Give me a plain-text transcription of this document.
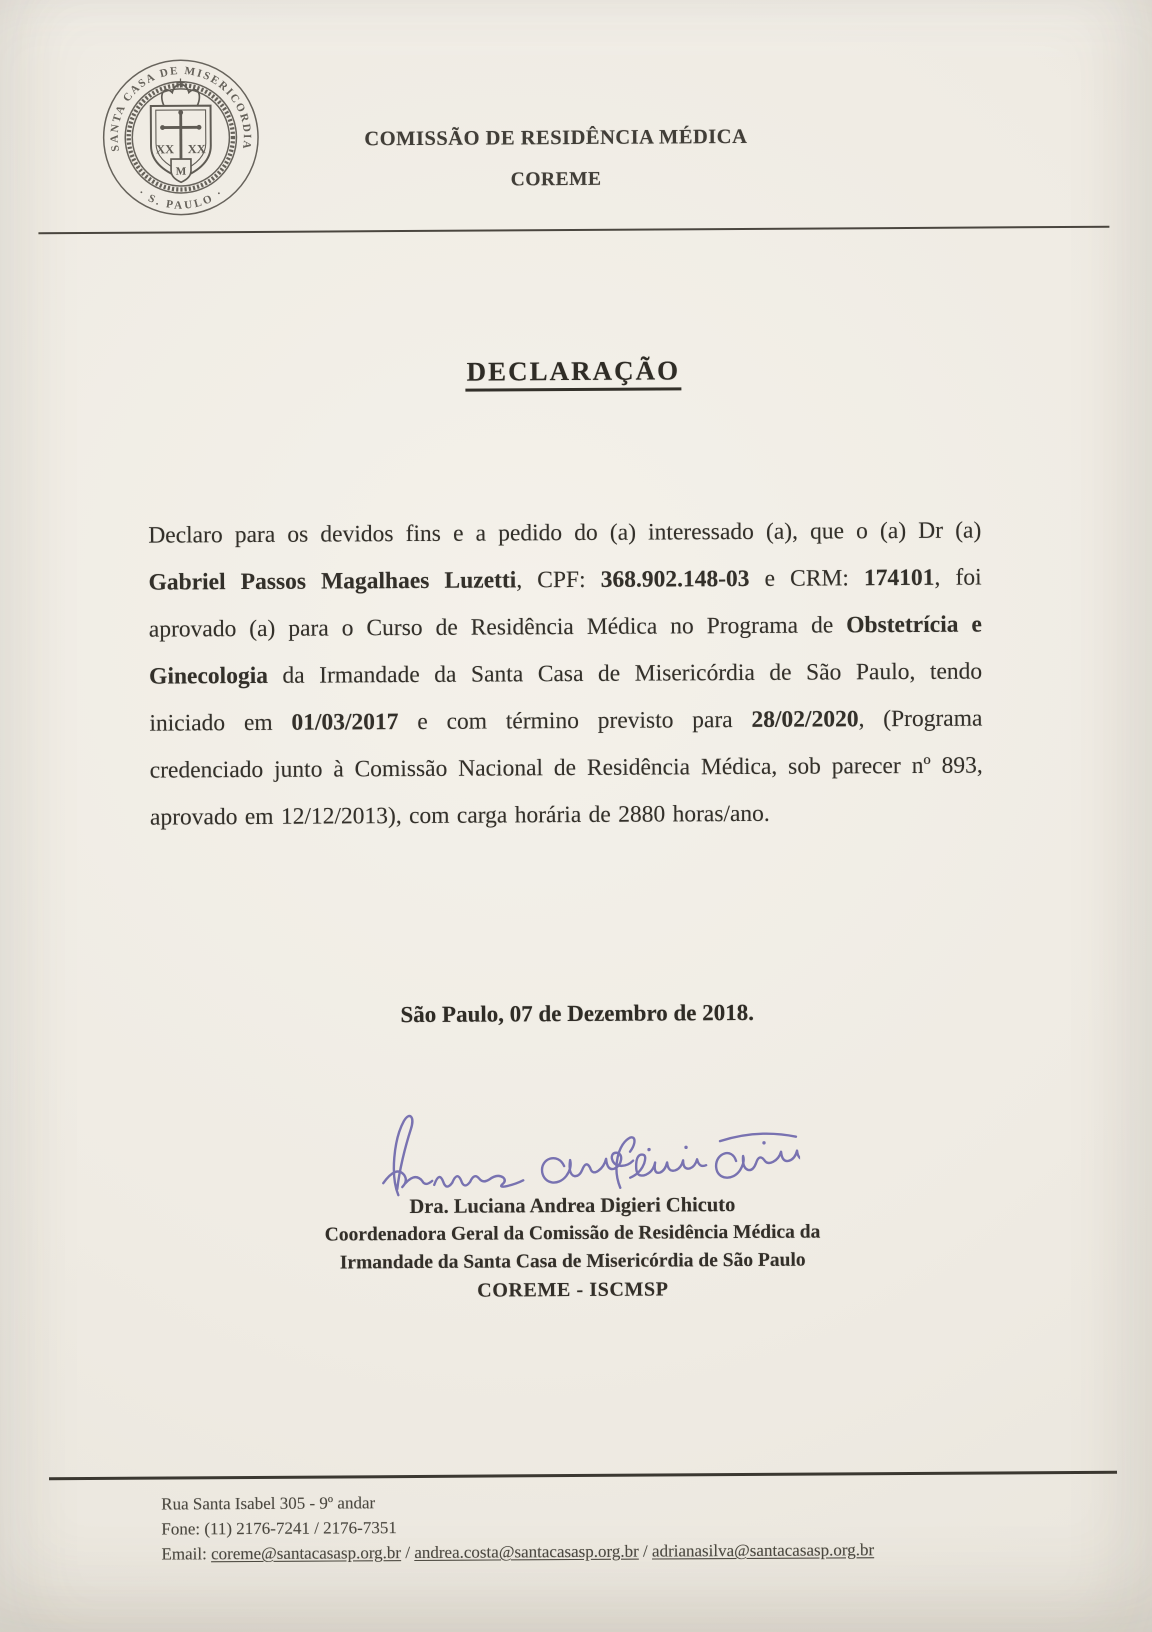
SANTA CASA DE MISERICORDIA
· S. PAULO ·
XX XX
M
COMISSÃO DE RESIDÊNCIA MÉDICA
COREME
DECLARAÇÃO

Declaro para os devidos fins e a pedido do (a) interessado (a), que o (a) Dr (a) Gabriel Passos Magalhaes Luzetti, CPF: 368.902.148-03 e CRM: 174101, foi aprovado (a) para o Curso de Residência Médica no Programa de Obstetrícia e Ginecologia da Irmandade da Santa Casa de Misericórdia de São Paulo, tendo iniciado em 01/03/2017 e com término previsto para 28/02/2020, (Programa credenciado junto à Comissão Nacional de Residência Médica, sob parecer nº 893, aprovado em 12/12/2013), com carga horária de 2880 horas/ano.

São Paulo, 07 de Dezembro de 2018.
Dra. Luciana Andrea Digieri Chicuto
Coordenadora Geral da Comissão de Residência Médica da
Irmandade da Santa Casa de Misericórdia de São Paulo
COREME - ISCMSP
Rua Santa Isabel 305 - 9º andar
Fone: (11) 2176-7241 / 2176-7351
Email: coreme@santacasasp.org.br / andrea.costa@santacasasp.org.br / adrianasilva@santacasasp.org.br
